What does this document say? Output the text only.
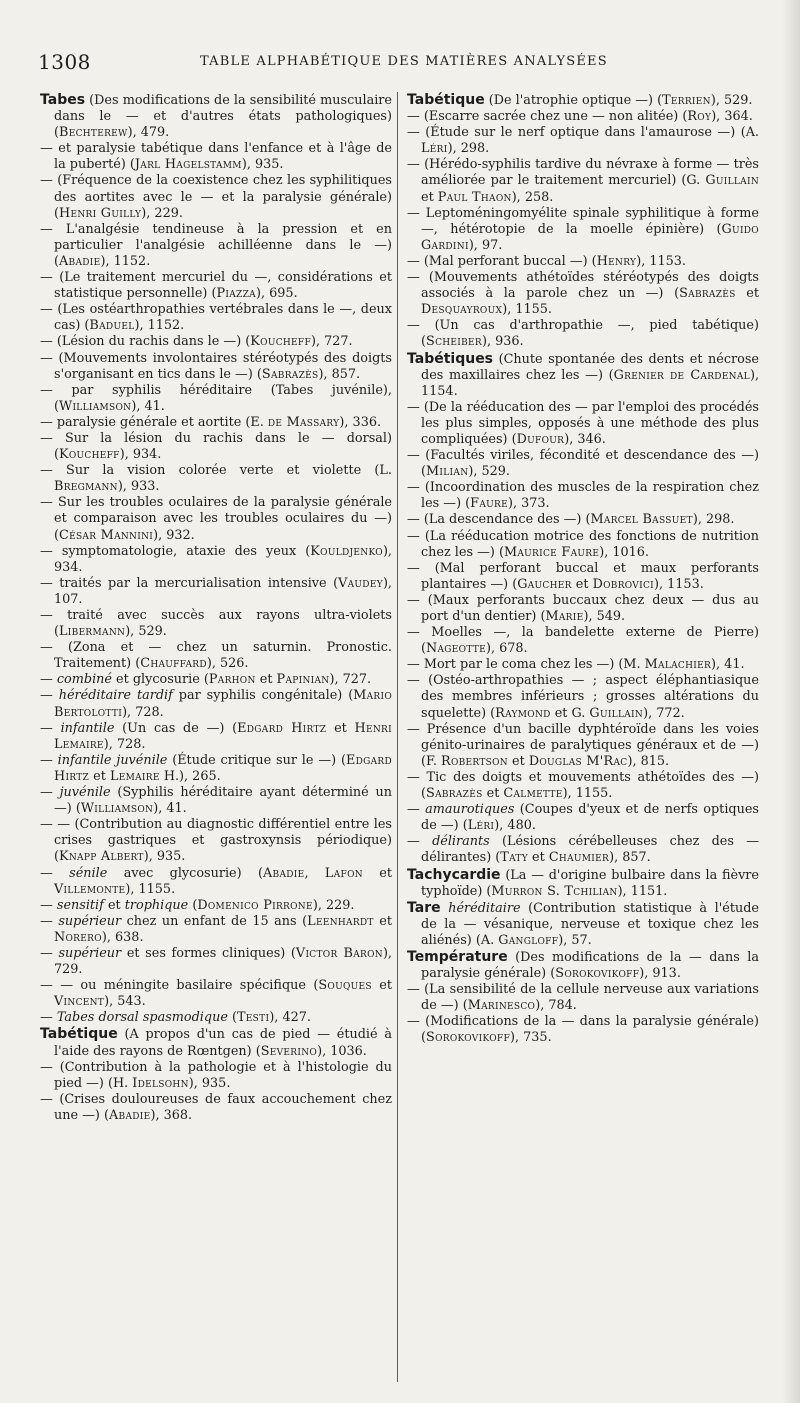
1308	TABLE ALPHABÉTIQUE DES MATIÈRES ANALYSÉES
Tabes (Des modifications de la sensibilité musculaire dans le — et d'autres états pathologiques) (Bechterew), 479.
— et paralysie tabétique dans l'enfance et à l'âge de la puberté) (Jarl Hagelstamm), 935.
— (Fréquence de la coexistence chez les syphilitiques des aortites avec le — et la paralysie générale) (Henri Guilly), 229.
— L'analgésie tendineuse à la pression et en particulier l'analgésie achilléenne dans le —) (Abadie), 1152.
— (Le traitement mercuriel du —, considérations et statistique personnelle) (Piazza), 695.
— (Les ostéarthropathies vertébrales dans le —, deux cas) (Baduel), 1152.
— (Lésion du rachis dans le —) (Koucheff), 727.
— (Mouvements involontaires stéréotypés des doigts s'organisant en tics dans le —) (Sabrazès), 857.
— par syphilis héréditaire (Tabes juvénile), (Williamson), 41.
— paralysie générale et aortite (E. de Massary), 336.
— Sur la lésion du rachis dans le — dorsal) (Koucheff), 934.
— Sur la vision colorée verte et violette (L. Bregmann), 933.
— Sur les troubles oculaires de la paralysie générale et comparaison avec les troubles oculaires du —) (César Mannini), 932.
— symptomatologie, ataxie des yeux (Kouldjenko), 934.
— traités par la mercurialisation intensive (Vaudey), 107.
— traité avec succès aux rayons ultra-violets (Libermann), 529.
— (Zona et — chez un saturnin. Pronostic. Traitement) (Chauffard), 526.
— combiné et glycosurie (Parhon et Papinian), 727.
— héréditaire tardif par syphilis congénitale) (Mario Bertolotti), 728.
— infantile (Un cas de —) (Edgard Hirtz et Henri Lemaire), 728.
— infantile juvénile (Étude critique sur le —) (Edgard Hirtz et Lemaire H.), 265.
— juvénile (Syphilis héréditaire ayant déterminé un —) (Williamson), 41.
— — (Contribution au diagnostic différentiel entre les crises gastriques et gastroxynsis périodique) (Knapp Albert), 935.
— sénile avec glycosurie) (Abadie, Lafon et Villemonte), 1155.
— sensitif et trophique (Domenico Pirrone), 229.
— supérieur chez un enfant de 15 ans (Leenhardt et Norero), 638.
— supérieur et ses formes cliniques) (Victor Baron), 729.
— — ou méningite basilaire spécifique (Souques et Vincent), 543.
— Tabes dorsal spasmodique (Testi), 427.
Tabétique (A propos d'un cas de pied — étudié à l'aide des rayons de Rœntgen) (Severino), 1036.
— (Contribution à la pathologie et à l'histologie du pied —) (H. Idelsohn), 935.
— (Crises douloureuses de faux accouchement chez une —) (Abadie), 368.
Tabétique (De l'atrophie optique —) (Terrien), 529.
— (Escarre sacrée chez une — non alitée) (Roy), 364.
— (Étude sur le nerf optique dans l'amaurose —) (A. Léri), 298.
— (Hérédo-syphilis tardive du névraxe à forme — très améliorée par le traitement mercuriel) (G. Guillain et Paul Thaon), 258.
— Leptoméningomyélite spinale syphilitique à forme —, hétérotopie de la moelle épinière) (Guido Gardini), 97.
— (Mal perforant buccal —) (Henry), 1153.
— (Mouvements athétoïdes stéréotypés des doigts associés à la parole chez un —) (Sabrazès et Desquayroux), 1155.
— (Un cas d'arthropathie —, pied tabétique) (Scheiber), 936.
Tabétiques (Chute spontanée des dents et nécrose des maxillaires chez les —) (Grenier de Cardenal), 1154.
— (De la rééducation des — par l'emploi des procédés les plus simples, opposés à une méthode des plus compliquées) (Dufour), 346.
— (Facultés viriles, fécondité et descendance des —) (Milian), 529.
— (Incoordination des muscles de la respiration chez les —) (Faure), 373.
— (La descendance des —) (Marcel Bassuet), 298.
— (La rééducation motrice des fonctions de nutrition chez les —) (Maurice Faure), 1016.
— (Mal perforant buccal et maux perforants plantaires —) (Gaucher et Dobrovici), 1153.
— (Maux perforants buccaux chez deux — dus au port d'un dentier) (Marie), 549.
— Moelles —, la bandelette externe de Pierre) (Nageotte), 678.
— Mort par le coma chez les —) (M. Malachier), 41.
— (Ostéo-arthropathies — ; aspect éléphantiasique des membres inférieurs ; grosses altérations du squelette) (Raymond et G. Guillain), 772.
— Présence d'un bacille dyphtéroïde dans les voies génito-urinaires de paralytiques généraux et de —) (F. Robertson et Douglas M'Rac), 815.
— Tic des doigts et mouvements athétoïdes des —) (Sabrazès et Calmette), 1155.
— amaurotiques (Coupes d'yeux et de nerfs optiques de —) (Léri), 480.
— délirants (Lésions cérébelleuses chez des — délirantes) (Taty et Chaumier), 857.
Tachycardie (La — d'origine bulbaire dans la fièvre typhoïde) (Murron S. Tchilian), 1151.
Tare héréditaire (Contribution statistique à l'étude de la — vésanique, nerveuse et toxique chez les aliénés) (A. Gangloff), 57.
Température (Des modifications de la — dans la paralysie générale) (Sorokovikoff), 913.
— (La sensibilité de la cellule nerveuse aux variations de —) (Marinesco), 784.
— (Modifications de la — dans la paralysie générale) (Sorokovikoff), 735.
